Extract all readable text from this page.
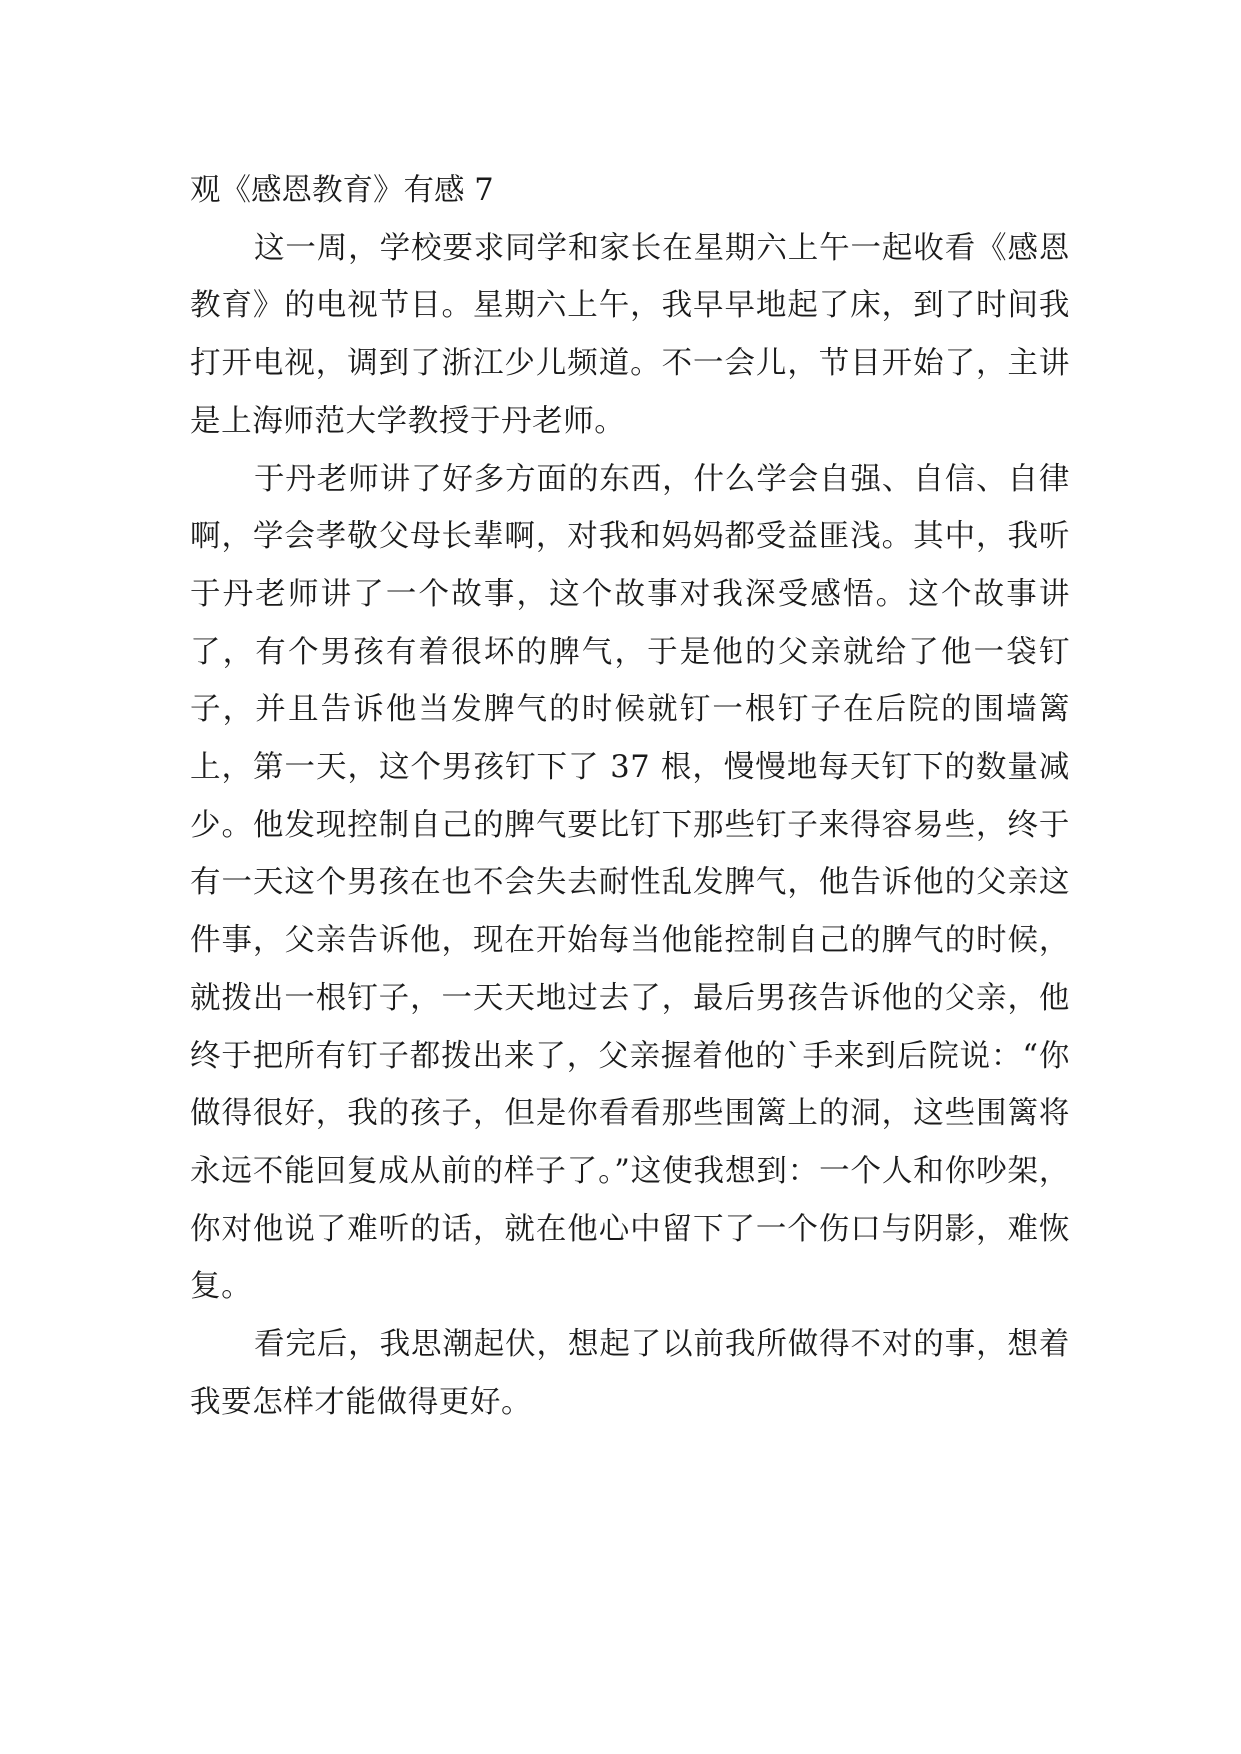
观《感恩教育》有感 7

这一周，学校要求同学和家长在星期六上午一起收看《感恩教育》的电视节目。星期六上午，我早早地起了床，到了时间我打开电视，调到了浙江少儿频道。不一会儿，节目开始了，主讲是上海师范大学教授于丹老师。

于丹老师讲了好多方面的东西，什么学会自强、自信、自律啊，学会孝敬父母长辈啊，对我和妈妈都受益匪浅。其中，我听于丹老师讲了一个故事，这个故事对我深受感悟。这个故事讲了，有个男孩有着很坏的脾气，于是他的父亲就给了他一袋钉子，并且告诉他当发脾气的时候就钉一根钉子在后院的围墙篱上，第一天，这个男孩钉下了 37 根，慢慢地每天钉下的数量减少。他发现控制自己的脾气要比钉下那些钉子来得容易些，终于有一天这个男孩在也不会失去耐性乱发脾气，他告诉他的父亲这件事，父亲告诉他，现在开始每当他能控制自己的脾气的时候，就拨出一根钉子，一天天地过去了，最后男孩告诉他的父亲，他终于把所有钉子都拨出来了，父亲握着他的`手来到后院说：“你做得很好，我的孩子，但是你看看那些围篱上的洞，这些围篱将永远不能回复成从前的样子了。”这使我想到：一个人和你吵架，你对他说了难听的话，就在他心中留下了一个伤口与阴影，难恢复。

看完后，我思潮起伏，想起了以前我所做得不对的事，想着我要怎样才能做得更好。
